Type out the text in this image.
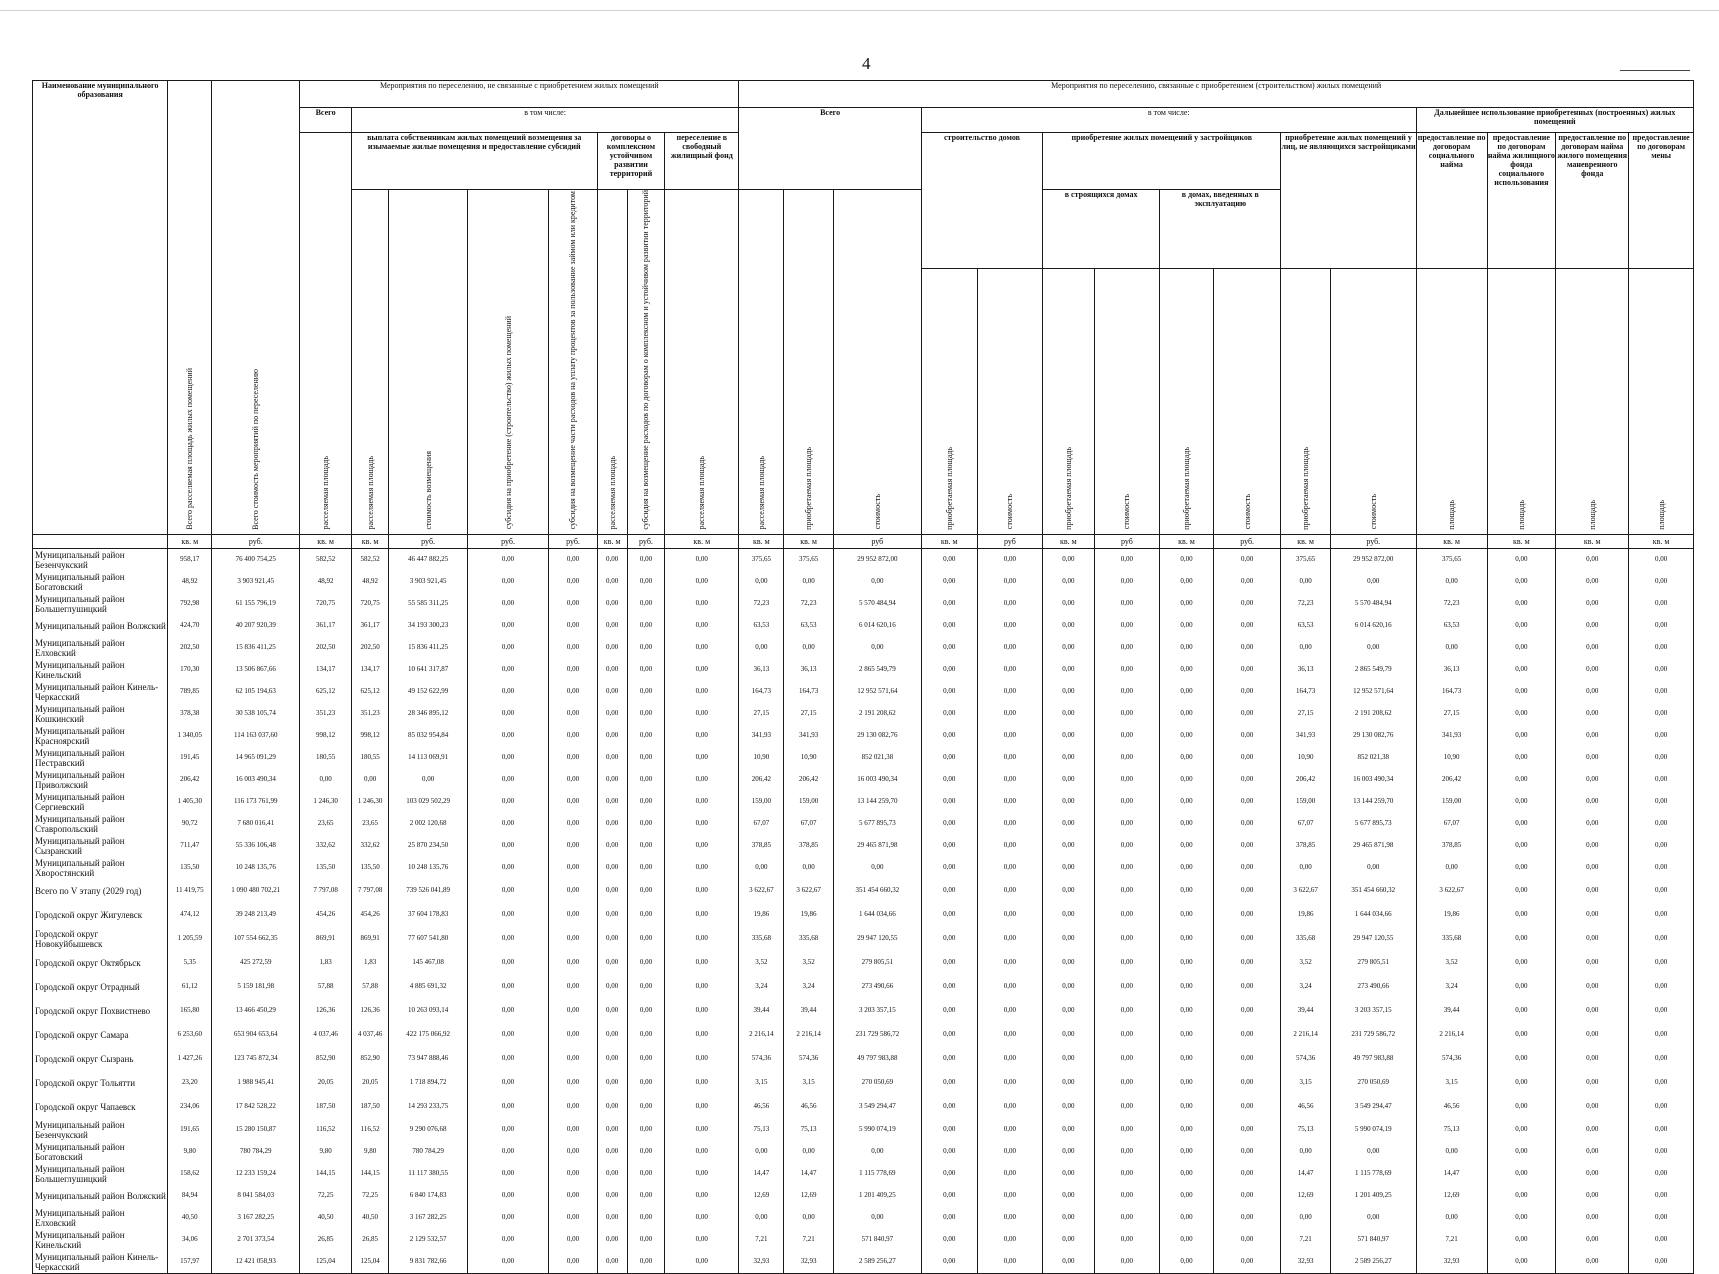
4
Наименование муниципального образования	Всего расселяемая площадь жилых помещений	Всего стоимость мероприятий по переселению	Мероприятия по переселению, не связанные с приобретением жилых помещений								Мероприятия по переселению, связанные с приобретением (строительством) жилых помещений														
			Всего	в том числе:							Всего			в том числе:								Дальнейшее использование приобретенных (построенных) жилых помещений			
			расселяемая площадь	выплата собственникам жилых помещений возмещения за изымаемые жилые помещения и предоставление субсидий				договоры о комплексном устойчивом развитии территорий		переселение в свободный жилищный фонд				строительство домов		приобретение жилых помещений у застройщиков				приобретение жилых помещений у лиц, не являющихся застройщиками		предоставление по договорам социального найма	предоставление по договорам найма жилищного фонда социального использования	предоставление по договорам найма жилого помещения маневренного фонда	предоставление по договорам мены
				расселяемая площадь	стоимость возмещения	субсидия на приобретение (строительство) жилых помещений	субсидия на возмещение части расходов на уплату процентов за пользование займом или кредитом	расселяемая площадь	субсидия на возмещение расходов по договорам о комплексном и устойчивом развитии территорий	расселяемая площадь	расселяемая площадь	приобретаемая площадь	стоимость			в строящихся домах		в домах, введенных в эксплуатацию							
														приобретаемая площадь	стоимость	приобретаемая площадь	стоимость	приобретаемая площадь	стоимость	приобретаемая площадь	стоимость	площадь	площадь	площадь	площадь
	кв. м	руб.	кв. м	кв. м	руб.	руб.	руб.	кв. м	руб.	кв. м	кв. м	кв. м	руб	кв. м	руб	кв. м	руб	кв. м	руб.	кв. м	руб.	кв. м	кв. м	кв. м	кв. м
Муниципальный район Безенчукский	958,17	76 400 754,25	582,52	582,52	46 447 882,25	0,00	0,00	0,00	0,00	0,00	375,65	375,65	29 952 872,00	0,00	0,00	0,00	0,00	0,00	0,00	375,65	29 952 872,00	375,65	0,00	0,00	0,00
Муниципальный район Богатовский	48,92	3 903 921,45	48,92	48,92	3 903 921,45	0,00	0,00	0,00	0,00	0,00	0,00	0,00	0,00	0,00	0,00	0,00	0,00	0,00	0,00	0,00	0,00	0,00	0,00	0,00	0,00
Муниципальный район Большеглушицкий	792,98	61 155 796,19	720,75	720,75	55 585 311,25	0,00	0,00	0,00	0,00	0,00	72,23	72,23	5 570 484,94	0,00	0,00	0,00	0,00	0,00	0,00	72,23	5 570 484,94	72,23	0,00	0,00	0,00
Муниципальный район Волжский	424,70	40 207 920,39	361,17	361,17	34 193 300,23	0,00	0,00	0,00	0,00	0,00	63,53	63,53	6 014 620,16	0,00	0,00	0,00	0,00	0,00	0,00	63,53	6 014 620,16	63,53	0,00	0,00	0,00
Муниципальный район Елховский	202,50	15 836 411,25	202,50	202,50	15 836 411,25	0,00	0,00	0,00	0,00	0,00	0,00	0,00	0,00	0,00	0,00	0,00	0,00	0,00	0,00	0,00	0,00	0,00	0,00	0,00	0,00
Муниципальный район Кинельский	170,30	13 506 867,66	134,17	134,17	10 641 317,87	0,00	0,00	0,00	0,00	0,00	36,13	36,13	2 865 549,79	0,00	0,00	0,00	0,00	0,00	0,00	36,13	2 865 549,79	36,13	0,00	0,00	0,00
Муниципальный район Кинель-Черкасский	789,85	62 105 194,63	625,12	625,12	49 152 622,99	0,00	0,00	0,00	0,00	0,00	164,73	164,73	12 952 571,64	0,00	0,00	0,00	0,00	0,00	0,00	164,73	12 952 571,64	164,73	0,00	0,00	0,00
Муниципальный район Кошкинский	378,38	30 538 105,74	351,23	351,23	28 346 895,12	0,00	0,00	0,00	0,00	0,00	27,15	27,15	2 191 208,62	0,00	0,00	0,00	0,00	0,00	0,00	27,15	2 191 208,62	27,15	0,00	0,00	0,00
Муниципальный район Красноярский	1 340,05	114 163 037,60	998,12	998,12	85 032 954,84	0,00	0,00	0,00	0,00	0,00	341,93	341,93	29 130 082,76	0,00	0,00	0,00	0,00	0,00	0,00	341,93	29 130 082,76	341,93	0,00	0,00	0,00
Муниципальный район Пестравский	191,45	14 965 091,29	180,55	180,55	14 113 069,91	0,00	0,00	0,00	0,00	0,00	10,90	10,90	852 021,38	0,00	0,00	0,00	0,00	0,00	0,00	10,90	852 021,38	10,90	0,00	0,00	0,00
Муниципальный район Приволжский	206,42	16 003 490,34	0,00	0,00	0,00	0,00	0,00	0,00	0,00	0,00	206,42	206,42	16 003 490,34	0,00	0,00	0,00	0,00	0,00	0,00	206,42	16 003 490,34	206,42	0,00	0,00	0,00
Муниципальный район Сергиевский	1 405,30	116 173 761,99	1 246,30	1 246,30	103 029 502,29	0,00	0,00	0,00	0,00	0,00	159,00	159,00	13 144 259,70	0,00	0,00	0,00	0,00	0,00	0,00	159,00	13 144 259,70	159,00	0,00	0,00	0,00
Муниципальный район Ставропольский	90,72	7 680 016,41	23,65	23,65	2 002 120,68	0,00	0,00	0,00	0,00	0,00	67,07	67,07	5 677 895,73	0,00	0,00	0,00	0,00	0,00	0,00	67,07	5 677 895,73	67,07	0,00	0,00	0,00
Муниципальный район Сызранский	711,47	55 336 106,48	332,62	332,62	25 870 234,50	0,00	0,00	0,00	0,00	0,00	378,85	378,85	29 465 871,98	0,00	0,00	0,00	0,00	0,00	0,00	378,85	29 465 871,98	378,85	0,00	0,00	0,00
Муниципальный район Хворостянский	135,50	10 248 135,76	135,50	135,50	10 248 135,76	0,00	0,00	0,00	0,00	0,00	0,00	0,00	0,00	0,00	0,00	0,00	0,00	0,00	0,00	0,00	0,00	0,00	0,00	0,00	0,00
Всего по V этапу (2029 год)	11 419,75	1 090 480 702,21	7 797,08	7 797,08	739 526 041,89	0,00	0,00	0,00	0,00	0,00	3 622,67	3 622,67	351 454 660,32	0,00	0,00	0,00	0,00	0,00	0,00	3 622,67	351 454 660,32	3 622,67	0,00	0,00	0,00
Городской округ Жигулевск	474,12	39 248 213,49	454,26	454,26	37 604 178,83	0,00	0,00	0,00	0,00	0,00	19,86	19,86	1 644 034,66	0,00	0,00	0,00	0,00	0,00	0,00	19,86	1 644 034,66	19,86	0,00	0,00	0,00
Городской округ Новокуйбышевск	1 205,59	107 554 662,35	869,91	869,91	77 607 541,80	0,00	0,00	0,00	0,00	0,00	335,68	335,68	29 947 120,55	0,00	0,00	0,00	0,00	0,00	0,00	335,68	29 947 120,55	335,68	0,00	0,00	0,00
Городской округ Октябрьск	5,35	425 272,59	1,83	1,83	145 467,08	0,00	0,00	0,00	0,00	0,00	3,52	3,52	279 805,51	0,00	0,00	0,00	0,00	0,00	0,00	3,52	279 805,51	3,52	0,00	0,00	0,00
Городской округ Отрадный	61,12	5 159 181,98	57,88	57,88	4 885 691,32	0,00	0,00	0,00	0,00	0,00	3,24	3,24	273 490,66	0,00	0,00	0,00	0,00	0,00	0,00	3,24	273 490,66	3,24	0,00	0,00	0,00
Городской округ Похвистнево	165,80	13 466 450,29	126,36	126,36	10 263 093,14	0,00	0,00	0,00	0,00	0,00	39,44	39,44	3 203 357,15	0,00	0,00	0,00	0,00	0,00	0,00	39,44	3 203 357,15	39,44	0,00	0,00	0,00
Городской округ Самара	6 253,60	653 904 653,64	4 037,46	4 037,46	422 175 066,92	0,00	0,00	0,00	0,00	0,00	2 216,14	2 216,14	231 729 586,72	0,00	0,00	0,00	0,00	0,00	0,00	2 216,14	231 729 586,72	2 216,14	0,00	0,00	0,00
Городской округ Сызрань	1 427,26	123 745 872,34	852,90	852,90	73 947 888,46	0,00	0,00	0,00	0,00	0,00	574,36	574,36	49 797 983,88	0,00	0,00	0,00	0,00	0,00	0,00	574,36	49 797 983,88	574,36	0,00	0,00	0,00
Городской округ Тольятти	23,20	1 988 945,41	20,05	20,05	1 718 894,72	0,00	0,00	0,00	0,00	0,00	3,15	3,15	270 050,69	0,00	0,00	0,00	0,00	0,00	0,00	3,15	270 050,69	3,15	0,00	0,00	0,00
Городской округ Чапаевск	234,06	17 842 528,22	187,50	187,50	14 293 233,75	0,00	0,00	0,00	0,00	0,00	46,56	46,56	3 549 294,47	0,00	0,00	0,00	0,00	0,00	0,00	46,56	3 549 294,47	46,56	0,00	0,00	0,00
Муниципальный район Безенчукский	191,65	15 280 150,87	116,52	116,52	9 290 076,68	0,00	0,00	0,00	0,00	0,00	75,13	75,13	5 990 074,19	0,00	0,00	0,00	0,00	0,00	0,00	75,13	5 990 074,19	75,13	0,00	0,00	0,00
Муниципальный район Богатовский	9,80	780 784,29	9,80	9,80	780 784,29	0,00	0,00	0,00	0,00	0,00	0,00	0,00	0,00	0,00	0,00	0,00	0,00	0,00	0,00	0,00	0,00	0,00	0,00	0,00	0,00
Муниципальный район Большеглушицкий	158,62	12 233 159,24	144,15	144,15	11 117 380,55	0,00	0,00	0,00	0,00	0,00	14,47	14,47	1 115 778,69	0,00	0,00	0,00	0,00	0,00	0,00	14,47	1 115 778,69	14,47	0,00	0,00	0,00
Муниципальный район Волжский	84,94	8 041 584,03	72,25	72,25	6 840 174,83	0,00	0,00	0,00	0,00	0,00	12,69	12,69	1 201 409,25	0,00	0,00	0,00	0,00	0,00	0,00	12,69	1 201 409,25	12,69	0,00	0,00	0,00
Муниципальный район Елховский	40,50	3 167 282,25	40,50	40,50	3 167 282,25	0,00	0,00	0,00	0,00	0,00	0,00	0,00	0,00	0,00	0,00	0,00	0,00	0,00	0,00	0,00	0,00	0,00	0,00	0,00	0,00
Муниципальный район Кинельский	34,06	2 701 373,54	26,85	26,85	2 129 532,57	0,00	0,00	0,00	0,00	0,00	7,21	7,21	571 840,97	0,00	0,00	0,00	0,00	0,00	0,00	7,21	571 840,97	7,21	0,00	0,00	0,00
Муниципальный район Кинель-Черкасский	157,97	12 421 058,93	125,04	125,04	9 831 782,66	0,00	0,00	0,00	0,00	0,00	32,93	32,93	2 589 256,27	0,00	0,00	0,00	0,00	0,00	0,00	32,93	2 589 256,27	32,93	0,00	0,00	0,00
